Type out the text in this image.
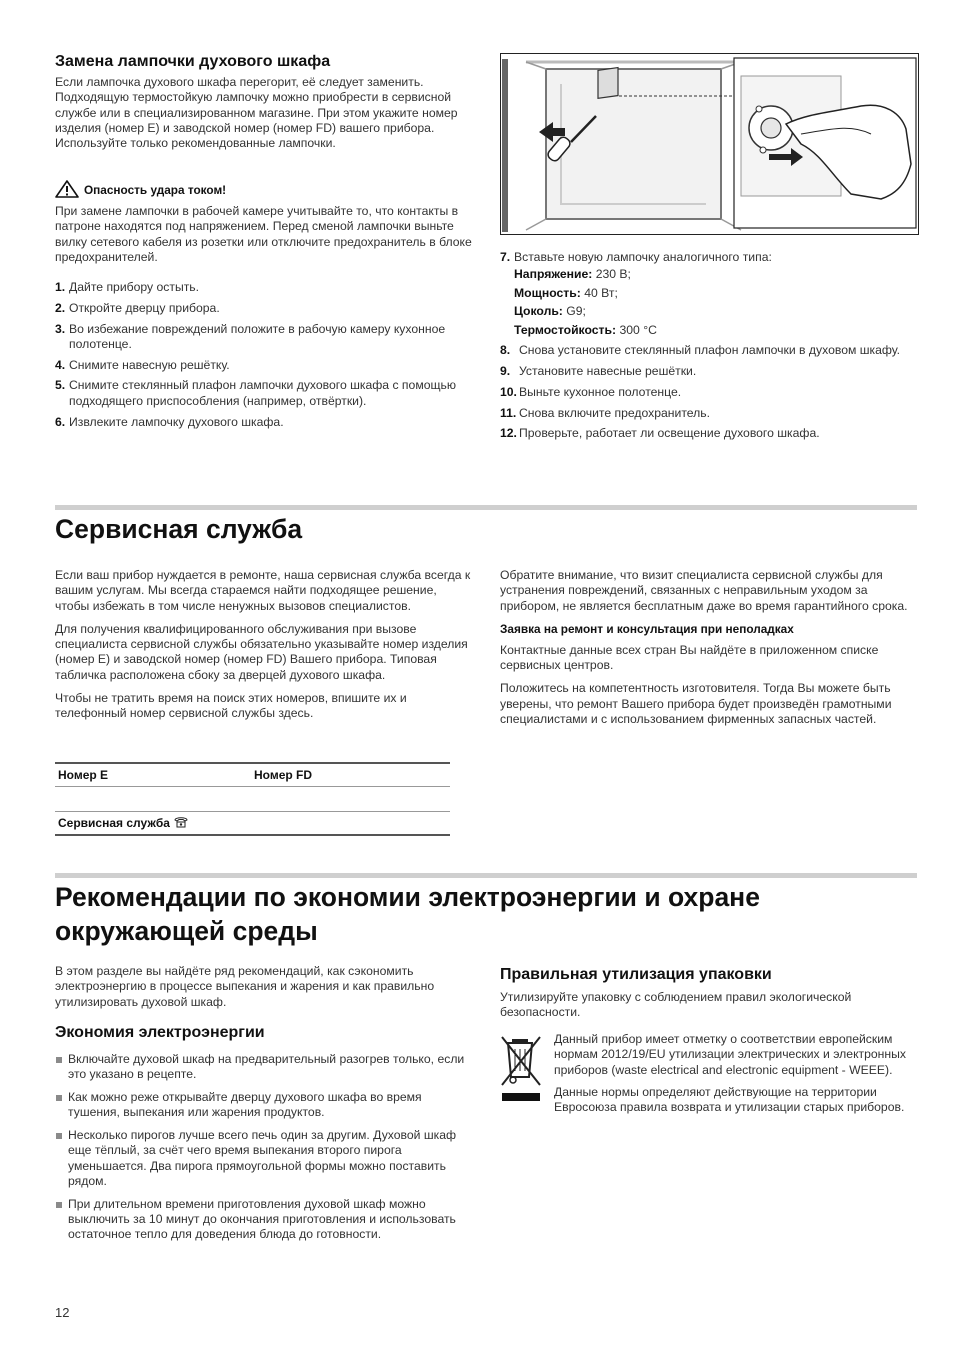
Замена лампочки духового шкафа

Если лампочка духового шкафа перегорит, её следует заменить. Подходящую термостойкую лампочку можно приобрести в сервисной службе или в специализированном магазине. При этом укажите номер изделия (номер Е) и заводской номер (номер FD) вашего прибора. Используйте только рекомендованные лампочки.

Опасность удара током!

При замене лампочки в рабочей камере учитывайте то, что контакты в патроне находятся под напряжением. Перед сменой лампочки выньте вилку сетевого кабеля из розетки или отключите предохранитель в блоке предохранителей.

1. Дайте прибору остыть.
2. Откройте дверцу прибора.
3. Во избежание повреждений положите в рабочую камеру кухонное полотенце.
4. Снимите навесную решётку.
5. Снимите стеклянный плафон лампочки духового шкафа с помощью подходящего приспособления (например, отвёртки).
6. Извлеките лампочку духового шкафа.
7. Вставьте новую лампочку аналогичного типа:
Напряжение: 230 В;
Мощность: 40 Вт;
Цоколь: G9;
Термостойкость: 300 °C
8. Снова установите стеклянный плафон лампочки в духовом шкафу.
9. Установите навесные решётки.
10. Выньте кухонное полотенце.
11. Снова включите предохранитель.
12. Проверьте, работает ли освещение духового шкафа.
Сервисная служба

Если ваш прибор нуждается в ремонте, наша сервисная служба всегда к вашим услугам. Мы всегда стараемся найти подходящее решение, чтобы избежать в том числе ненужных вызовов специалистов.

Для получения квалифицированного обслуживания при вызове специалиста сервисной службы обязательно указывайте номер изделия (номер Е) и заводской номер (номер FD) Вашего прибора. Типовая табличка расположена сбоку за дверцей духового шкафа.

Чтобы не тратить время на поиск этих номеров, впишите их и телефонный номер сервисной службы здесь.

Номер Е	Номер FD

Сервисная служба

Обратите внимание, что визит специалиста сервисной службы для устранения повреждений, связанных с неправильным уходом за прибором, не является бесплатным даже во время гарантийного срока.

Заявка на ремонт и консультация при неполадках

Контактные данные всех стран Вы найдёте в приложенном списке сервисных центров.

Положитесь на компетентность изготовителя. Тогда Вы можете быть уверены, что ремонт Вашего прибора будет произведён грамотными специалистами и с использованием фирменных запасных частей.

Рекомендации по экономии электроэнергии и охране
окружающей среды

В этом разделе вы найдёте ряд рекомендаций, как сэкономить электроэнергию в процессе выпекания и жарения и как правильно утилизировать духовой шкаф.

Экономия электроэнергии
Включайте духовой шкаф на предварительный разогрев только, если это указано в рецепте.
Как можно реже открывайте дверцу духового шкафа во время тушения, выпекания или жарения продуктов.
Несколько пирогов лучше всего печь один за другим. Духовой шкаф еще тёплый, за счёт чего время выпекания второго пирога уменьшается. Два пирога прямоугольной формы можно поставить рядом.
При длительном времени приготовления духовой шкаф можно выключить за 10 минут до окончания приготовления и использовать остаточное тепло для доведения блюда до готовности.
Правильная утилизация упаковки

Утилизируйте упаковку с соблюдением правил экологической безопасности.

Данный прибор имеет отметку о соответствии европейским нормам 2012/19/EU утилизации электрических и электронных приборов (waste electrical and electronic equipment - WEEE).

Данные нормы определяют действующие на территории Евросоюза правила возврата и утилизации старых приборов.

12
